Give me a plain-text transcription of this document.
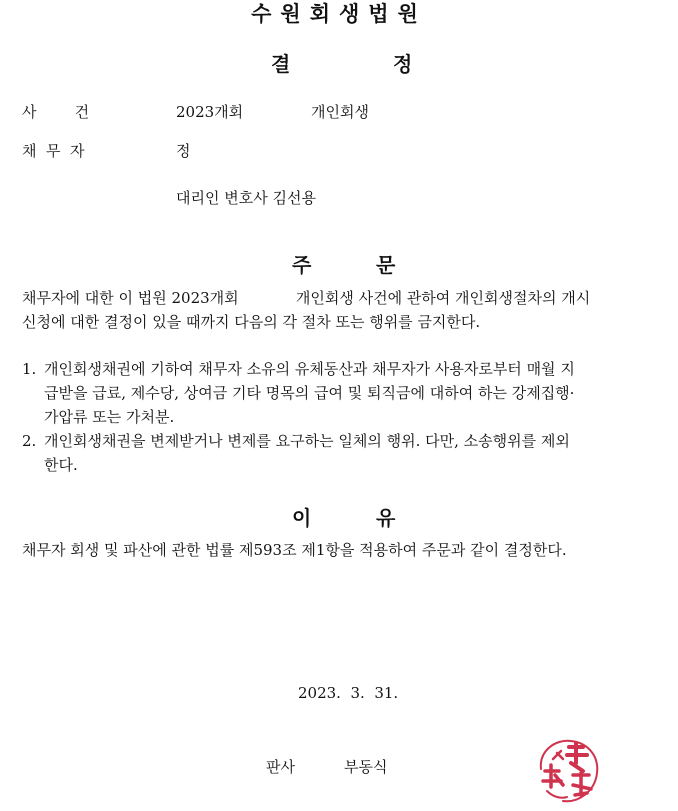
수원회생법원
결	정
사        건	2023개회	개인회생
채  무  자	정
대리인 변호사 김선용
주	문
채무자에 대한 이 법원 2023개회            개인회생 사건에 관하여 개인회생절차의 개시
신청에 대한 결정이 있을 때까지 다음의 각 절차 또는 행위를 금지한다.
1. 개인회생채권에 기하여 채무자 소유의 유체동산과 채무자가 사용자로부터 매월 지
급받을 급료, 제수당, 상여금 기타 명목의 급여 및 퇴직금에 대하여 하는 강제집행·
가압류 또는 가처분.
2. 개인회생채권을 변제받거나 변제를 요구하는 일체의 행위. 다만, 소송행위를 제외
한다.
이	유
채무자 회생 및 파산에 관한 법률 제593조 제1항을 적용하여 주문과 같이 결정한다.
2023.  3.  31.
판사	부동식
